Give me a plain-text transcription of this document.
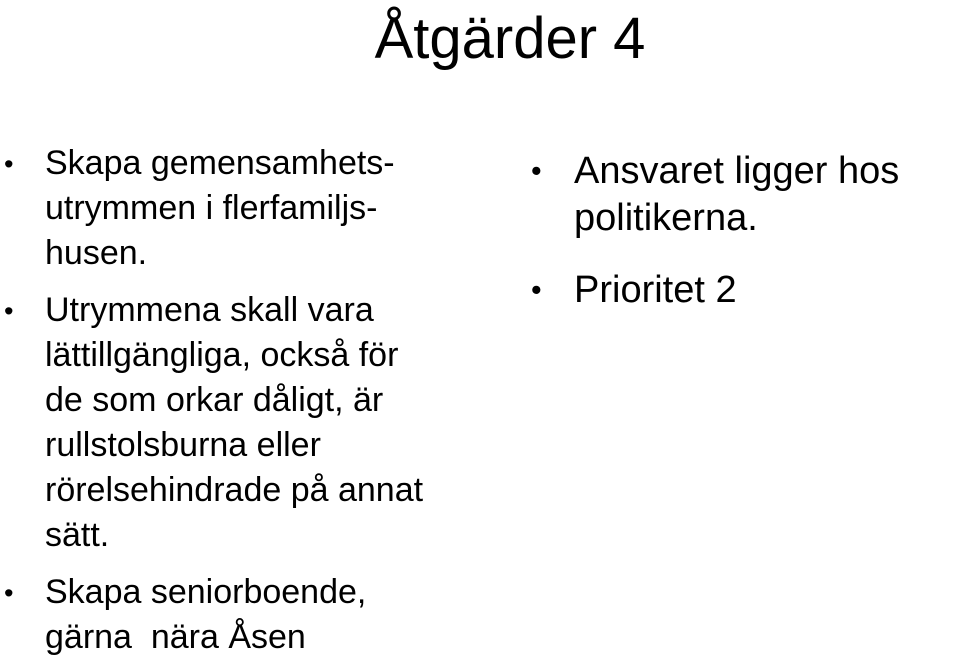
Åtgärder 4
• Skapa gemensamhets-
utrymmen i flerfamiljs-
husen.
• Utrymmena skall vara
lättillgängliga, också för
de som orkar dåligt, är
rullstolsburna eller
rörelsehindrade på annat
sätt.
• Skapa seniorboende,
gärna  nära Åsen
• Ansvaret ligger hos
politikerna.
• Prioritet 2
